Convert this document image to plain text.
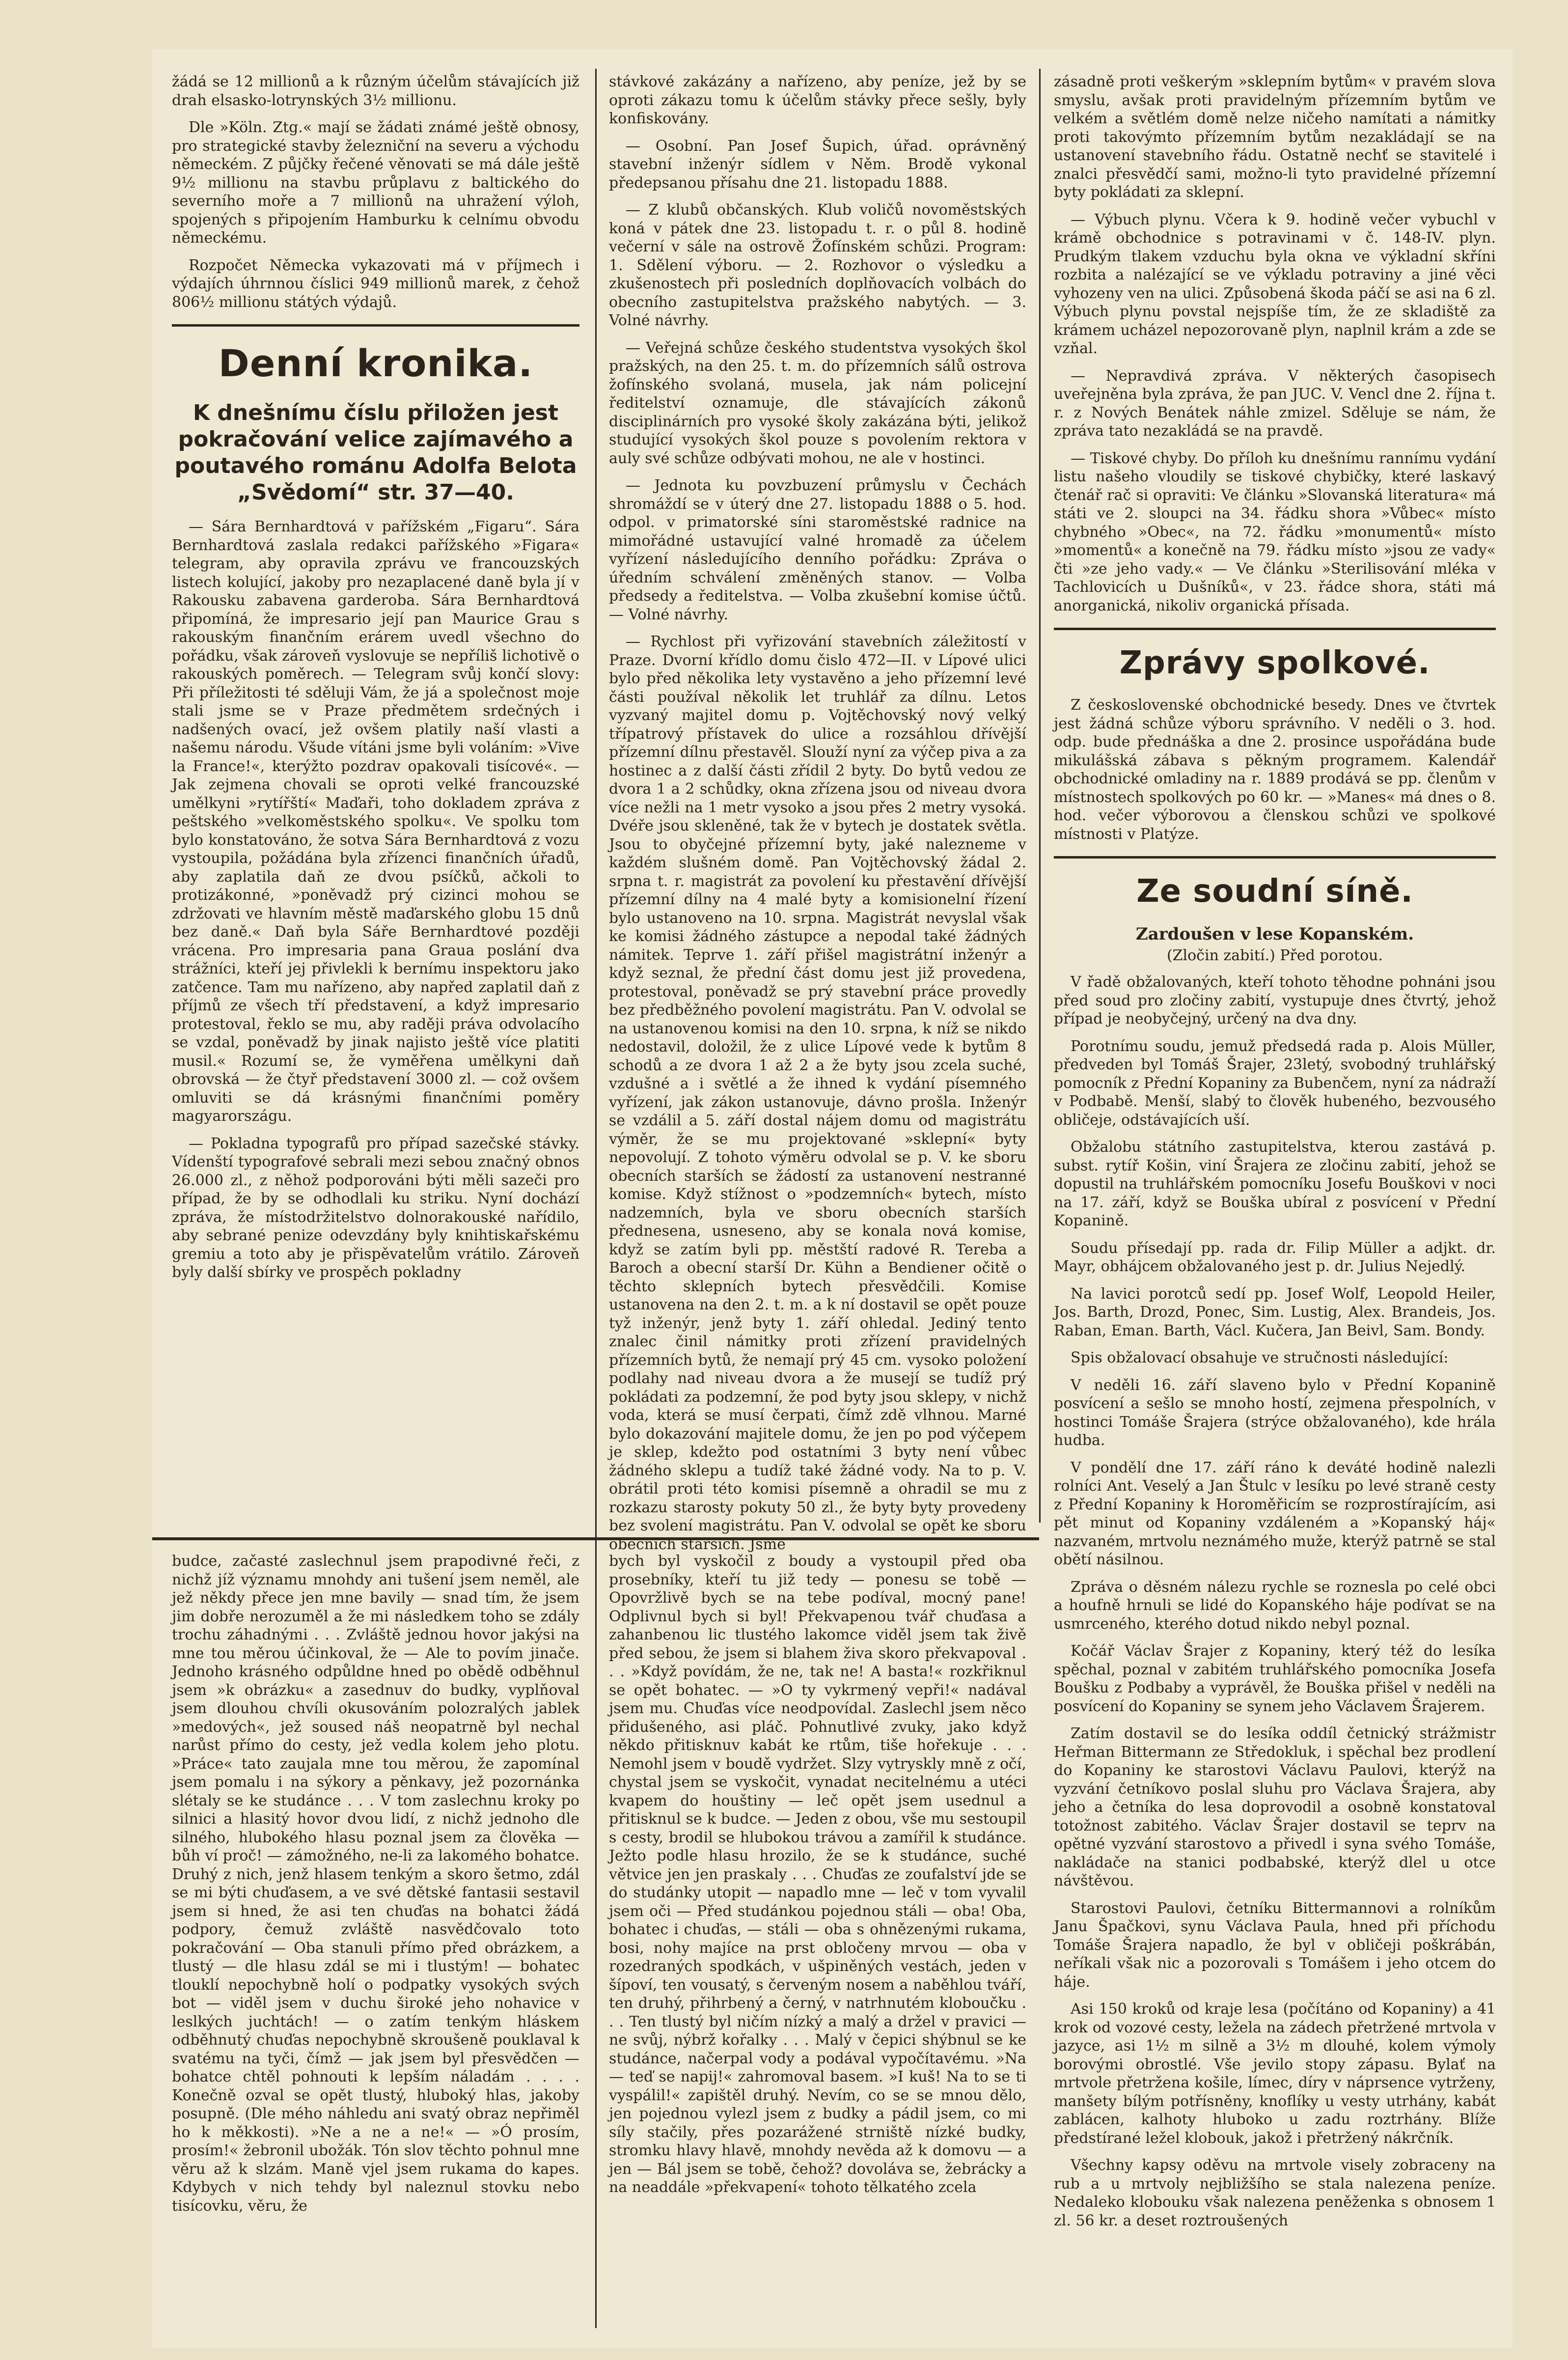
žádá se 12 millionů a k různým účelům stávajících již drah elsasko-lotrynských 3½ millionu.

Dle »Köln. Ztg.« mají se žádati známé ještě obnosy, pro strategické stavby železniční na severu a východu německém. Z půjčky řečené věnovati se má dále ještě 9½ millionu na stavbu průplavu z baltického do severního moře a 7 millionů na uhražení výloh, spojených s připojením Hamburku k celnímu obvodu německému.

Rozpočet Německa vykazovati má v příjmech i výdajích úhrnnou číslici 949 millionů marek, z čehož 806½ millionu státých výdajů.

Denní kronika.
K dnešnímu číslu přiložen jest pokračování velice zajímavého a poutavého románu Adolfa Belota „Svědomí“ str. 37—40.

— Sára Bernhardtová v pařížském „Figaru“. Sára Bernhardtová zaslala redakci pařížského »Figara« telegram, aby opravila zprávu ve francouzských listech kolující, jakoby pro nezaplacené daně byla jí v Rakousku zabavena garderoba. Sára Bernhardtová připomíná, že impresario její pan Maurice Grau s rakouským finančním erárem uvedl všechno do pořádku, však zároveň vyslovuje se nepříliš lichotivě o rakouských poměrech. — Telegram svůj končí slovy: Při příležitosti té sděluji Vám, že já a společnost moje stali jsme se v Praze předmětem srdečných i nadšených ovací, jež ovšem platily naší vlasti a našemu národu. Všude vítáni jsme byli voláním: »Vive la France!«, kterýžto pozdrav opakovali tisícové«. — Jak zejmena chovali se oproti velké francouzské umělkyni »rytířští« Maďaři, toho dokladem zpráva z peštského »velkoměstského spolku«. Ve spolku tom bylo konstatováno, že sotva Sára Bernhardtová z vozu vystoupila, požádána byla zřízenci finančních úřadů, aby zaplatila daň ze dvou psíčků, ačkoli to protizákonné, »poněvadž prý cizinci mohou se zdržovati ve hlavním městě maďarského globu 15 dnů bez daně.« Daň byla Sáře Bernhardtové později vrácena. Pro impresaria pana Graua poslání dva strážníci, kteří jej přivlekli k bernímu inspektoru jako zatčence. Tam mu nařízeno, aby napřed zaplatil daň z příjmů ze všech tří představení, a když impresario protestoval, řeklo se mu, aby raději práva odvolacího se vzdal, poněvadž by jinak najisto ještě více platiti musil.« Rozumí se, že vyměřena umělkyni daň obrovská — že čtyř představení 3000 zl. — což ovšem omluviti se dá krásnými finančními poměry magyarországu.

— Pokladna typografů pro případ sazečské stávky. Vídenští typografové sebrali mezi sebou značný obnos 26.000 zl., z něhož podporováni býti měli sazeči pro případ, že by se odhodlali ku striku. Nyní dochází zpráva, že místodržitelstvo dolnorakouské nařídilo, aby sebrané penize odevzdány byly knihtiskařskému gremiu a toto aby je přispěvatelům vrátilo. Zároveň byly další sbírky ve prospěch pokladny

stávkové zakázány a nařízeno, aby peníze, jež by se oproti zákazu tomu k účelům stávky přece sešly, byly konfiskovány.

— Osobní. Pan Josef Šupich, úřad. oprávněný stavební inženýr sídlem v Něm. Brodě vykonal předepsanou přísahu dne 21. listopadu 1888.

— Z klubů občanských. Klub voličů novoměstských koná v pátek dne 23. listopadu t. r. o půl 8. hodině večerní v sále na ostrově Žofínském schůzi. Program: 1. Sdělení výboru. — 2. Rozhovor o výsledku a zkušenostech při posledních doplňovacích volbách do obecního zastupitelstva pražského nabytých. — 3. Volné návrhy.

— Veřejná schůze českého studentstva vysokých škol pražských, na den 25. t. m. do přízemních sálů ostrova žofínského svolaná, musela, jak nám policejní ředitelství oznamuje, dle stávajících zákonů disciplinárních pro vysoké školy zakázána býti, jelikož studující vysokých škol pouze s povolením rektora v auly své schůze odbývati mohou, ne ale v hostinci.

— Jednota ku povzbuzení průmyslu v Čechách shromáždí se v úterý dne 27. listopadu 1888 o 5. hod. odpol. v primatorské síni staroměstské radnice na mimořádné ustavující valné hromadě za účelem vyřízení následujícího denního pořádku: Zpráva o úředním schválení změněných stanov. — Volba předsedy a ředitelstva. — Volba zkušební komise účtů. — Volné návrhy.

— Rychlost při vyřizování stavebních záležitostí v Praze. Dvorní křídlo domu čislo 472—II. v Lípové ulici bylo před několika lety vystavěno a jeho přízemní levé části používal několik let truhlář za dílnu. Letos vyzvaný majitel domu p. Vojtěchovský nový velký třípatrový přístavek do ulice a rozsáhlou dřívější přízemní dílnu přestavěl. Slouží nyní za výčep piva a za hostinec a z další části zřídil 2 byty. Do bytů vedou ze dvora 1 a 2 schůdky, okna zřízena jsou od niveau dvora více nežli na 1 metr vysoko a jsou přes 2 metry vysoká. Dvéře jsou skleněné, tak že v bytech je dostatek světla. Jsou to obyčejné přízemní byty, jaké nalezneme v každém slušném domě. Pan Vojtěchovský žádal 2. srpna t. r. magistrát za povolení ku přestavění dřívější přízemní dílny na 4 malé byty a komisionelní řízení bylo ustanoveno na 10. srpna. Magistrát nevyslal však ke komisi žádného zástupce a nepodal také žádných námitek. Teprve 1. září přišel magistrátní inženýr a když seznal, že přední část domu jest již provedena, protestoval, poněvadž se prý stavební práce provedly bez předběžného povolení magistrátu. Pan V. odvolal se na ustanovenou komisi na den 10. srpna, k níž se nikdo nedostavil, doložil, že z ulice Lípové vede k bytům 8 schodů a ze dvora 1 až 2 a že byty jsou zcela suché, vzdušné a i světlé a že ihned k vydání písemného vyřízení, jak zákon ustanovuje, dávno prošla. Inženýr se vzdálil a 5. září dostal nájem domu od magistrátu výměr, že se mu projektované »sklepní« byty nepovolují. Z tohoto výměru odvolal se p. V. ke sboru obecních starších se žádostí za ustanovení nestranné komise. Když stížnost o »podzemních« bytech, místo nadzemních, byla ve sboru obecních starších přednesena, usneseno, aby se konala nová komise, když se zatím byli pp. městští radové R. Tereba a Baroch a obecní starší Dr. Kühn a Bendiener očitě o těchto sklepních bytech přesvědčili. Komise ustanovena na den 2. t. m. a k ní dostavil se opět pouze tyž inženýr, jenž byty 1. září ohledal. Jediný tento znalec činil námitky proti zřízení pravidelných přízemních bytů, že nemají prý 45 cm. vysoko položení podlahy nad niveau dvora a že musejí se tudíž prý pokládati za podzemní, že pod byty jsou sklepy, v nichž voda, která se musí čerpati, čímž zdě vlhnou. Marné bylo dokazování majitele domu, že jen po pod výčepem je sklep, kdežto pod ostatními 3 byty není vůbec žádného sklepu a tudíž také žádné vody. Na to p. V. obrátil proti této komisi písemně a ohradil se mu z rozkazu starosty pokuty 50 zl., že byty byty provedeny bez svolení magistrátu. Pan V. odvolal se opět ke sboru obecních starších. Jsme

zásadně proti veškerým »sklepním bytům« v pravém slova smyslu, avšak proti pravidelným přízemním bytům ve velkém a světlém domě nelze ničeho namítati a námitky proti takovýmto přízemním bytům nezakládají se na ustanovení stavebního řádu. Ostatně nechť se stavitelé i znalci přesvědčí sami, možno-li tyto pravidelné přízemní byty pokládati za sklepní.

— Výbuch plynu. Včera k 9. hodině večer vybuchl v krámě obchodnice s potravinami v č. 148-IV. plyn. Prudkým tlakem vzduchu byla okna ve výkladní skříni rozbita a nalézající se ve výkladu potraviny a jiné věci vyhozeny ven na ulici. Způsobená škoda páčí se asi na 6 zl. Výbuch plynu povstal nejspíše tím, že ze skladiště za krámem ucházel nepozorovaně plyn, naplnil krám a zde se vzňal.

— Nepravdivá zpráva. V některých časopisech uveřejněna byla zpráva, že pan JUC. V. Vencl dne 2. října t. r. z Nových Benátek náhle zmizel. Sděluje se nám, že zpráva tato nezakládá se na pravdě.

— Tiskové chyby. Do příloh ku dnešnímu rannímu vydání listu našeho vloudily se tiskové chybičky, které laskavý čtenář rač si opraviti: Ve článku »Slovanská literatura« má státi ve 2. sloupci na 34. řádku shora »Vůbec« místo chybného »Obec«, na 72. řádku »monumentů« místo »momentů« a konečně na 79. řádku místo »jsou ze vady« čti »ze jeho vady.« — Ve článku »Sterilisování mléka v Tachlovicích u Dušníků«, v 23. řádce shora, státi má anorganická, nikoliv organická přísada.

Zprávy spolkové.

Z československé obchodnické besedy. Dnes ve čtvrtek jest žádná schůze výboru správního. V neděli o 3. hod. odp. bude přednáška a dne 2. prosince uspořádána bude mikulášská zábava s pěkným programem. Kalendář obchodnické omladiny na r. 1889 prodává se pp. členům v místnostech spolkových po 60 kr. — »Manes« má dnes o 8. hod. večer výborovou a členskou schůzi ve spolkové místnosti v Platýze.

Ze soudní síně.
Zardoušen v lese Kopanském.
(Zločin zabití.) Před porotou.

V řadě obžalovaných, kteří tohoto těhodne pohnáni jsou před soud pro zločiny zabití, vystupuje dnes čtvrtý, jehož případ je neobyčejný, určený na dva dny.

Porotnímu soudu, jemuž předsedá rada p. Alois Müller, předveden byl Tomáš Šrajer, 23letý, svobodný truhlářský pomocník z Přední Kopaniny za Bubenčem, nyní za nádraží v Podbabě. Menší, slabý to člověk hubeného, bezvousého obličeje, odstávajících uší.

Obžalobu státního zastupitelstva, kterou zastává p. subst. rytíř Košin, viní Šrajera ze zločinu zabití, jehož se dopustil na truhlářském pomocníku Josefu Bouškovi v noci na 17. září, když se Bouška ubíral z posvícení v Přední Kopanině.

Soudu přísedají pp. rada dr. Filip Müller a adjkt. dr. Mayr, obhájcem obžalovaného jest p. dr. Julius Nejedlý.

Na lavici porotců sedí pp. Josef Wolf, Leopold Heiler, Jos. Barth, Drozd, Ponec, Sim. Lustig, Alex. Brandeis, Jos. Raban, Eman. Barth, Václ. Kučera, Jan Beivl, Sam. Bondy.

Spis obžalovací obsahuje ve stručnosti následující:

V neděli 16. září slaveno bylo v Přední Kopanině posvícení a sešlo se mnoho hostí, zejmena přespolních, v hostinci Tomáše Šrajera (strýce obžalovaného), kde hrála hudba.

V pondělí dne 17. září ráno k deváté hodině nalezli rolníci Ant. Veselý a Jan Štulc v lesíku po levé straně cesty z Přední Kopaniny k Horoměřicím se rozprostírajícím, asi pět minut od Kopaniny vzdáleném a »Kopanský háj« nazvaném, mrtvolu neznámého muže, kterýž patrně se stal obětí násilnou.

Zpráva o děsném nálezu rychle se roznesla po celé obci a houfně hrnuli se lidé do Kopanského háje podívat se na usmrceného, kterého dotud nikdo nebyl poznal.

Kočář Václav Šrajer z Kopaniny, který též do lesíka spěchal, poznal v zabitém truhlářského pomocníka Josefa Boušku z Podbaby a vyprávěl, že Bouška přišel v neděli na posvícení do Kopaniny se synem jeho Václavem Šrajerem.

Zatím dostavil se do lesíka oddíl četnický strážmistr Heřman Bittermann ze Středokluk, i spěchal bez prodlení do Kopaniny ke starostovi Václavu Paulovi, kterýž na vyzvání četníkovo poslal sluhu pro Václava Šrajera, aby jeho a četníka do lesa doprovodil a osobně konstatoval totožnost zabitého. Václav Šrajer dostavil se teprv na opětné vyzvání starostovo a přivedl i syna svého Tomáše, nakládače na stanici podbabské, kterýž dlel u otce návštěvou.

Starostovi Paulovi, četníku Bittermannovi a rolníkům Janu Špačkovi, synu Václava Paula, hned při příchodu Tomáše Šrajera napadlo, že byl v obličeji poškrábán, neříkali však nic a pozorovali s Tomášem i jeho otcem do háje.

Asi 150 kroků od kraje lesa (počítáno od Kopaniny) a 41 krok od vozové cesty, ležela na zádech přetržené mrtvola v jazyce, asi 1½ m silně a 3½ m dlouhé, kolem výmoly borovými obrostlé. Vše jevilo stopy zápasu. Bylať na mrtvole přetržena košile, límec, díry v náprsence vytrženy, manšety bílým potřísněny, knoflíky u vesty utrhány, kabát zablácen, kalhoty hluboko u zadu roztrhány. Blíže předstírané ležel klobouk, jakož i přetržený nákrčník.

Všechny kapsy oděvu na mrtvole visely zobraceny na rub a u mrtvoly nejbližšího se stala nalezena peníze. Nedaleko klobouku však nalezena peněženka s obnosem 1 zl. 56 kr. a deset roztroušených

budce, začasté zaslechnul jsem prapodivné řeči, z nichž jíž významu mnohdy ani tušení jsem neměl, ale jež někdy přece jen mne bavily — snad tím, že jsem jim dobře nerozuměl a že mi následkem toho se zdály trochu záhadnými . . . Zvláště jednou hovor jakýsi na mne tou měrou účinkoval, že — Ale to povím jinače. Jednoho krásného odpůldne hned po obědě odběhnul jsem »k obrázku« a zasednuv do budky, vyplňoval jsem dlouhou chvíli okusováním polozralých jablek »medových«, jež soused náš neopatrně byl nechal narůst přímo do cesty, jež vedla kolem jeho plotu. »Práce« tato zaujala mne tou měrou, že zapomínal jsem pomalu i na sýkory a pěnkavy, jež pozornánka slétaly se ke studánce . . . V tom zaslechnu kroky po silnici a hlasitý hovor dvou lidí, z nichž jednoho dle silného, hlubokého hlasu poznal jsem za člověka — bůh ví proč! — zámožného, ne-li za lakomého bohatce. Druhý z nich, jenž hlasem tenkým a skoro šetmo, zdál se mi býti chuďasem, a ve své dětské fantasii sestavil jsem si hned, že asi ten chuďas na bohatci žádá podpory, čemuž zvláště nasvědčovalo toto pokračování — Oba stanuli přímo před obrázkem, a tlustý — dle hlasu zdál se mi i tlustým! — bohatec tlouklí nepochybně holí o podpatky vysokých svých bot — viděl jsem v duchu široké jeho nohavice v leslkých juchtách! — o zatím tenkým hláskem odběhnutý chuďas nepochybně skroušeně pouklaval k svatému na tyči, čímž — jak jsem byl přesvědčen — bohatce chtěl pohnouti k lepším náladám . . . . Konečně ozval se opět tlustý, hluboký hlas, jakoby posupně. (Dle mého náhledu ani svatý obraz nepřiměl ho k měkkosti). »Ne a ne a ne!« — »Ó prosím, prosím!« žebronil ubožák. Tón slov těchto pohnul mne věru až k slzám. Maně vjel jsem rukama do kapes. Kdybych v nich tehdy byl naleznul stovku nebo tisícovku, věru, že

bych byl vyskočil z boudy a vystoupil před oba prosebníky, kteří tu již tedy — ponesu se tobě — Opovržlivě bych se na tebe podíval, mocný pane! Odplivnul bych si byl! Překvapenou tvář chuďasa a zahanbenou lic tlustého lakomce viděl jsem tak živě před sebou, že jsem si blahem živa skoro překvapoval . . . »Když povídám, že ne, tak ne! A basta!« rozkřiknul se opět bohatec. — »O ty vykrmený vepři!« nadával jsem mu. Chuďas více neodpovídal. Zaslechl jsem něco přidušeného, asi pláč. Pohnutlivé zvuky, jako když někdo přitisknuv kabát ke rtům, tiše hořekuje . . . Nemohl jsem v boudě vydržet. Slzy vytryskly mně z očí, chystal jsem se vyskočit, vynadat necitelnému a utéci kvapem do houštiny — leč opět jsem usednul a přitisknul se k budce. — Jeden z obou, vše mu sestoupil s cesty, brodil se hlubokou trávou a zamířil k studánce. Ježto podle hlasu hrozilo, že se k studánce, suché větvice jen jen praskaly . . . Chuďas ze zoufalství jde se do studánky utopit — napadlo mne — leč v tom vyvalil jsem oči — Před studánkou pojednou stáli — oba! Oba, bohatec i chuďas, — stáli — oba s ohnězenými rukama, bosi, nohy majíce na prst obločeny mrvou — oba v rozedraných spodkách, v ušpiněných vestách, jeden v šípoví, ten vousatý, s červeným nosem a naběhlou tváří, ten druhý, přihrbený a černý, v natrhnutém kloboučku . . . Ten tlustý byl ničím nízký a malý a držel v pravici — ne svůj, nýbrž kořalky . . . Malý v čepici shýbnul se ke studánce, načerpal vody a podával vypočítavému. »Na — teď se napij!« zahromoval basem. »I kuš! Na to se ti vyspálil!« zapištěl druhý. Nevím, co se se mnou dělo, jen pojednou vylezl jsem z budky a pádil jsem, co mi síly stačily, přes pozarážené strniště nízké budky, stromku hlavy hlavě, mnohdy nevěda až k domovu — a jen — Bál jsem se tobě, čehož? dovoláva se, žebrácky a na neaddále »překvapení« tohoto tělkatého zcela
